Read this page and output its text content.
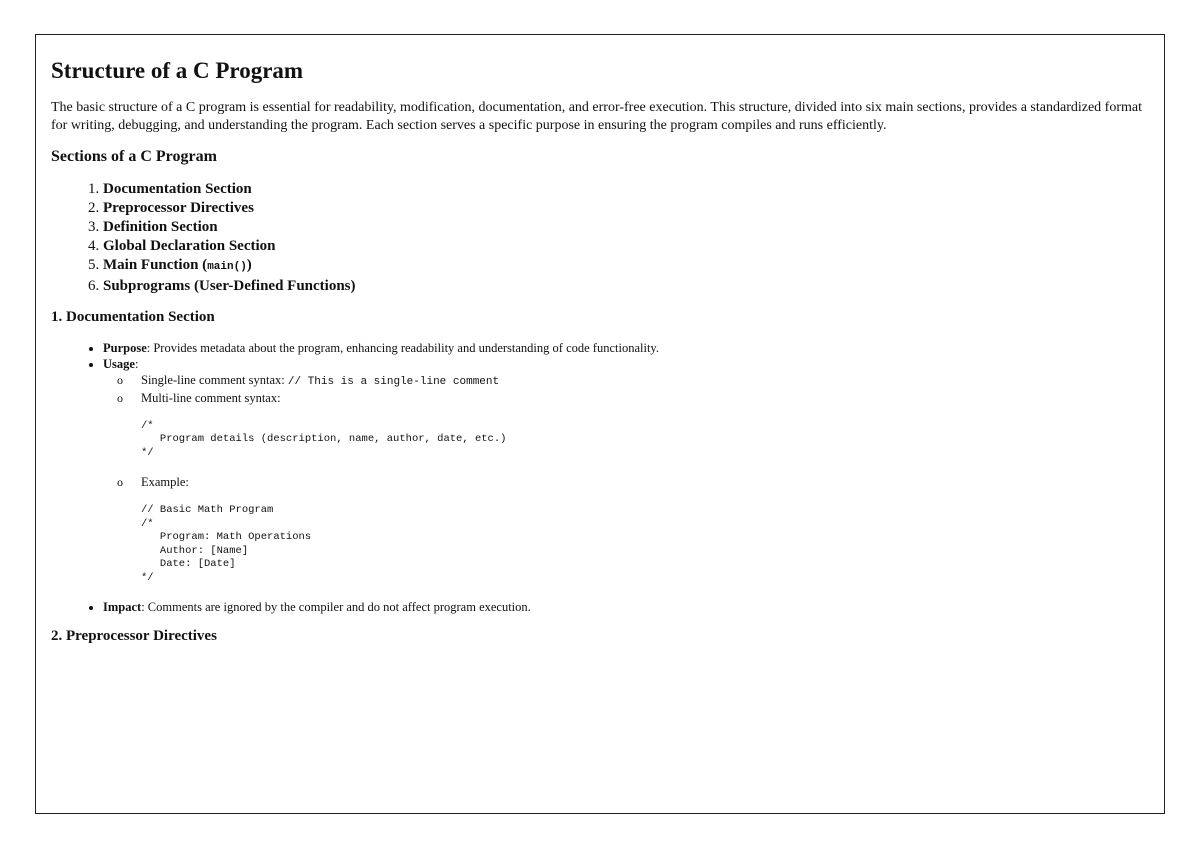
Structure of a C Program

The basic structure of a C program is essential for readability, modification, documentation, and error-free execution. This structure, divided into six main sections, provides a standardized format for writing, debugging, and understanding the program. Each section serves a specific purpose in ensuring the program compiles and runs efficiently.

Sections of a C Program
1. Documentation Section
2. Preprocessor Directives
3. Definition Section
4. Global Declaration Section
5. Main Function (main())
6. Subprograms (User-Defined Functions)
1. Documentation Section
• Purpose: Provides metadata about the program, enhancing readability and understanding of code functionality.
• Usage:
o Single-line comment syntax: // This is a single-line comment
o Multi-line comment syntax:
/*
Program details (description, name, author, date, etc.)
*/
o Example:
// Basic Math Program
/*
Program: Math Operations
Author: [Name]
Date: [Date]
*/
• Impact: Comments are ignored by the compiler and do not affect program execution.
2. Preprocessor Directives
